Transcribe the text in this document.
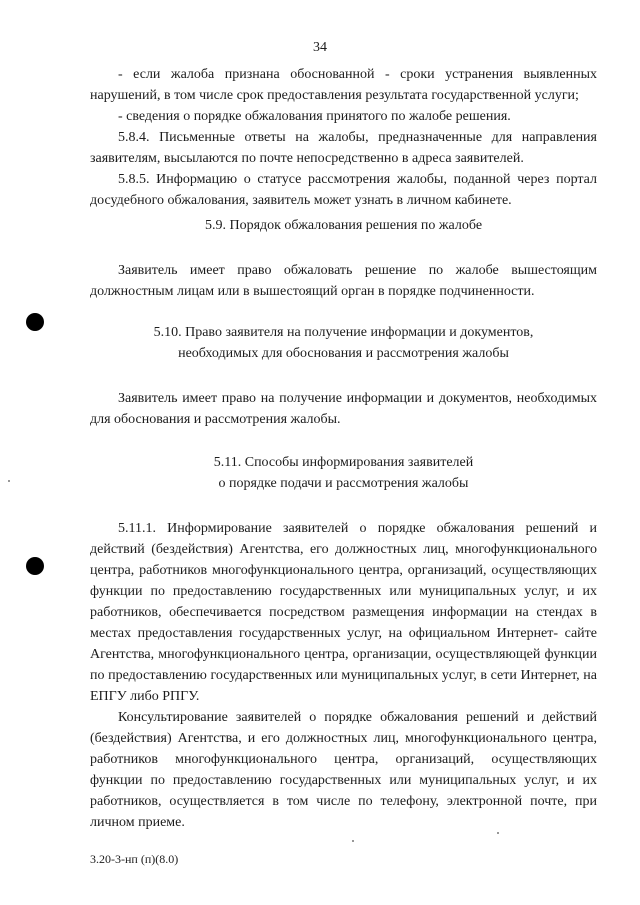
34

- если жалоба признана обоснованной - сроки устранения выявленных нарушений, в том числе срок предоставления результата государственной услуги;

- сведения о порядке обжалования принятого по жалобе решения.

5.8.4. Письменные ответы на жалобы, предназначенные для направления заявителям, высылаются по почте непосредственно в адреса заявителей.

5.8.5. Информацию о статусе рассмотрения жалобы, поданной через портал досудебного обжалования, заявитель может узнать в личном кабинете.

5.9. Порядок обжалования решения по жалобе

Заявитель имеет право обжаловать решение по жалобе вышестоящим должностным лицам или в вышестоящий орган в порядке подчиненности.

5.10. Право заявителя на получение информации и документов,
необходимых для обоснования и рассмотрения жалобы

Заявитель имеет право на получение информации и документов, необходимых для обоснования и рассмотрения жалобы.

5.11. Способы информирования заявителей
о порядке подачи и рассмотрения жалобы

5.11.1. Информирование заявителей о порядке обжалования решений и действий (бездействия) Агентства, его должностных лиц, многофункционального центра, работников многофункционального центра, организаций, осуществляющих функции по предоставлению государственных или муниципальных услуг, и их работников, обеспечивается посредством размещения информации на стендах в местах предоставления государственных услуг, на официальном Интернет- сайте Агентства, многофункционального центра, организации, осуществляющей функции по предоставлению государственных или муниципальных услуг, в сети Интернет, на ЕПГУ либо РПГУ.

Консультирование заявителей о порядке обжалования решений и действий (бездействия) Агентства, и его должностных лиц, многофункционального центра, работников многофункционального центра, организаций, осуществляющих функции по предоставлению государственных или муниципальных услуг, и их работников, осуществляется в том числе по телефону, электронной почте, при личном приеме.

3.20-3-нп (п)(8.0)
